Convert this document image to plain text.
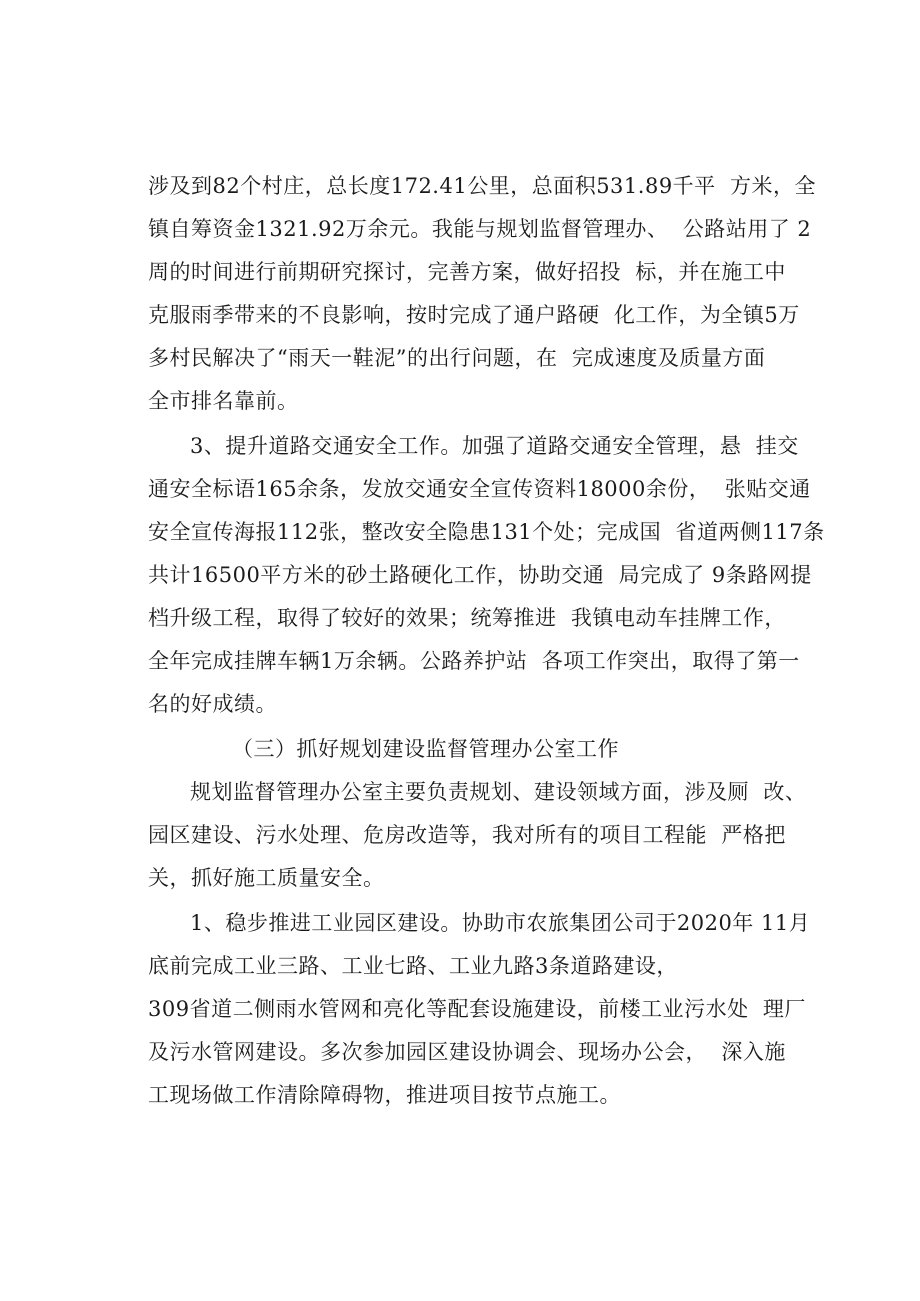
涉及到82个村庄，总长度172.41公里，总面积531.89千平  方米，全
镇自筹资金1321.92万余元。我能与规划监督管理办、  公路站用了 2
周的时间进行前期研究探讨，完善方案，做好招投  标，并在施工中
克服雨季带来的不良影响，按时完成了通户路硬  化工作，为全镇5万
多村民解决了“雨天一鞋泥”的出行问题，在  完成速度及质量方面
全市排名靠前。
3、提升道路交通安全工作。加强了道路交通安全管理，悬  挂交
通安全标语165余条，发放交通安全宣传资料18000余份，  张贴交通
安全宣传海报112张，整改安全隐患131个处；完成国  省道两侧117条
共计16500平方米的砂土路硬化工作，协助交通  局完成了 9条路网提
档升级工程，取得了较好的效果；统筹推进  我镇电动车挂牌工作，
全年完成挂牌车辆1万余辆。公路养护站  各项工作突出，取得了第一
名的好成绩。
（三）抓好规划建设监督管理办公室工作
规划监督管理办公室主要负责规划、建设领域方面，涉及厕  改、
园区建设、污水处理、危房改造等，我对所有的项目工程能  严格把
关，抓好施工质量安全。
1、稳步推进工业园区建设。协助市农旅集团公司于2020年 11月
底前完成工业三路、工业七路、工业九路3条道路建设，
309省道二侧雨水管网和亮化等配套设施建设，前楼工业污水处  理厂
及污水管网建设。多次参加园区建设协调会、现场办公会，  深入施
工现场做工作清除障碍物，推进项目按节点施工。
